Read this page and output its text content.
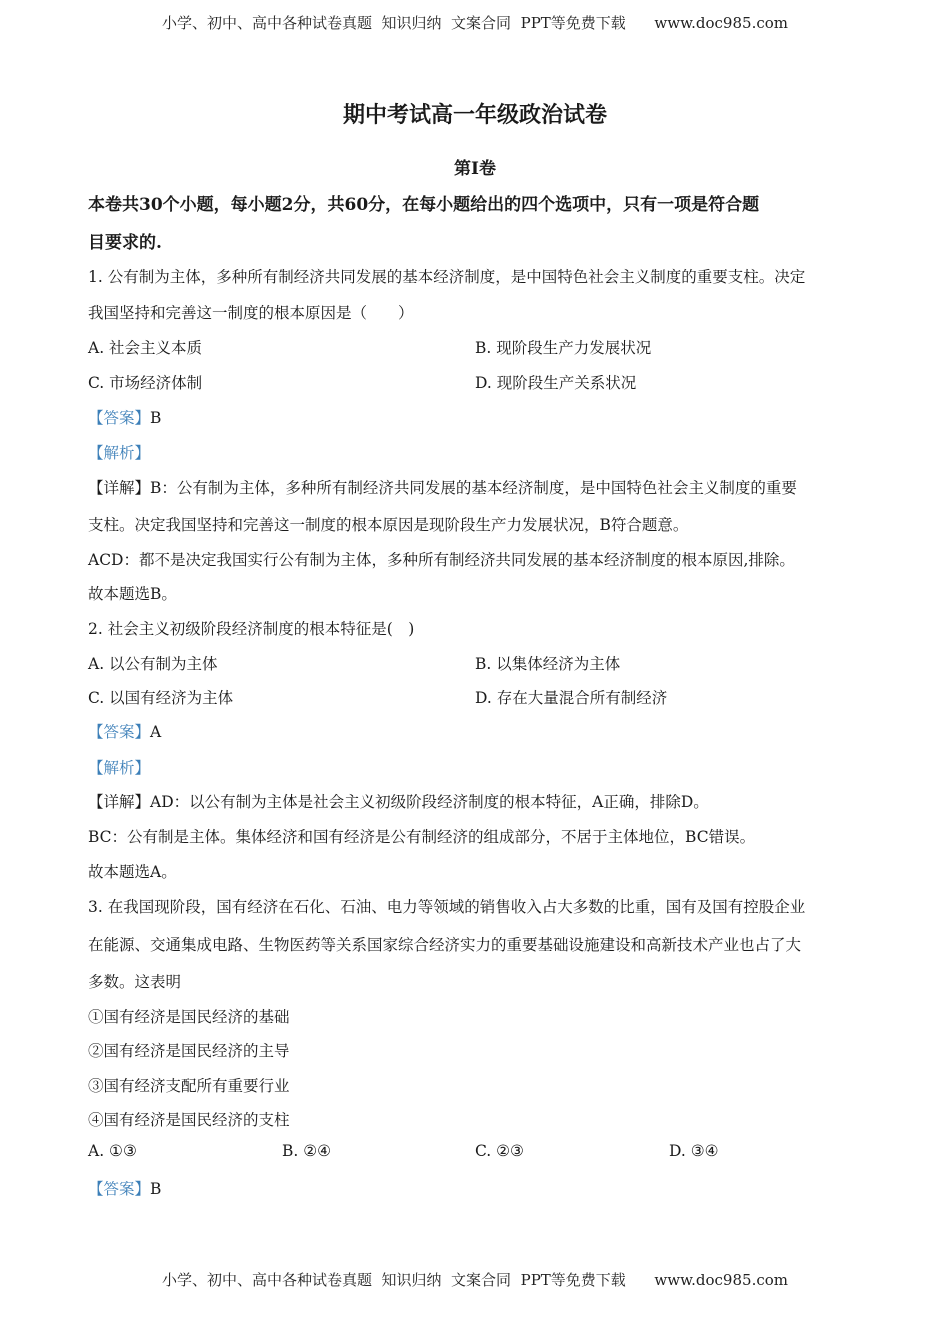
小学、初中、高中各种试卷真题  知识归纳  文案合同  PPT等免费下载      www.doc985.com
期中考试高一年级政治试卷
第Ⅰ卷
本卷共30个小题，每小题2分，共60分，在每小题给出的四个选项中，只有一项是符合题
目要求的.
1. 公有制为主体，多种所有制经济共同发展的基本经济制度，是中国特色社会主义制度的重要支柱。决定
我国坚持和完善这一制度的根本原因是（　　）
A. 社会主义本质	B. 现阶段生产力发展状况
C. 市场经济体制	D. 现阶段生产关系状况
【答案】B
【解析】
【详解】B：公有制为主体，多种所有制经济共同发展的基本经济制度，是中国特色社会主义制度的重要
支柱。决定我国坚持和完善这一制度的根本原因是现阶段生产力发展状况，B符合题意。
ACD：都不是决定我国实行公有制为主体，多种所有制经济共同发展的基本经济制度的根本原因,排除。
故本题选B。
2. 社会主义初级阶段经济制度的根本特征是(　)
A. 以公有制为主体	B. 以集体经济为主体
C. 以国有经济为主体	D. 存在大量混合所有制经济
【答案】A
【解析】
【详解】AD：以公有制为主体是社会主义初级阶段经济制度的根本特征，A正确，排除D。
BC：公有制是主体。集体经济和国有经济是公有制经济的组成部分，不居于主体地位，BC错误。
故本题选A。
3. 在我国现阶段，国有经济在石化、石油、电力等领域的销售收入占大多数的比重，国有及国有控股企业
在能源、交通集成电路、生物医药等关系国家综合经济实力的重要基础设施建设和高新技术产业也占了大
多数。这表明
①国有经济是国民经济的基础
②国有经济是国民经济的主导
③国有经济支配所有重要行业
④国有经济是国民经济的支柱
A. ①③	B. ②④	C. ②③	D. ③④
【答案】B
小学、初中、高中各种试卷真题  知识归纳  文案合同  PPT等免费下载      www.doc985.com
